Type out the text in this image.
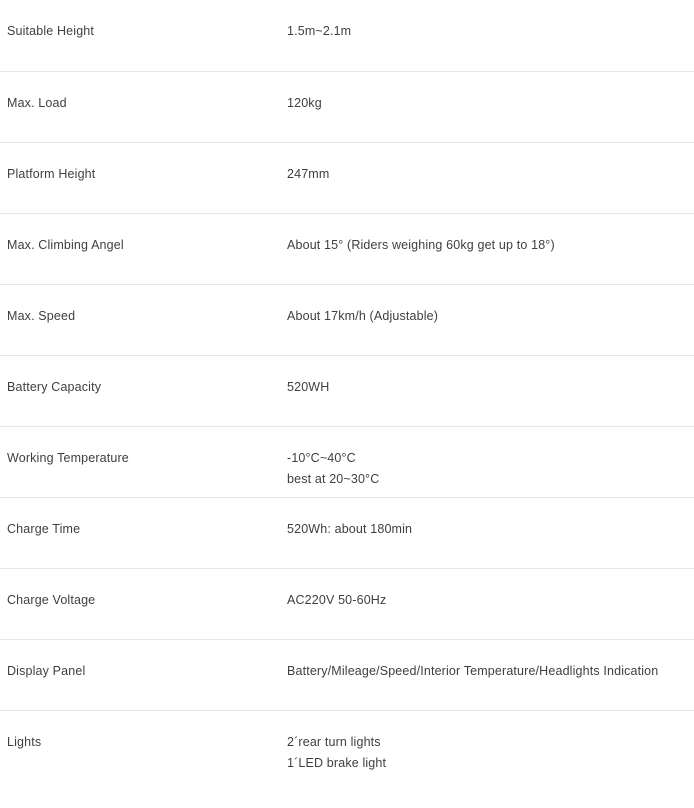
Suitable Height	1.5m~2.1m

Max. Load	120kg

Platform Height	247mm

Max. Climbing Angel	About 15° (Riders weighing 60kg get up to 18°)

Max. Speed	About 17km/h (Adjustable)

Battery Capacity	520WH

Working Temperature	-10°C~40°C
best at 20~30°C

Charge Time	520Wh: about 180min

Charge Voltage	AC220V 50-60Hz

Display Panel	Battery/Mileage/Speed/Interior Temperature/Headlights Indication

Lights	2´rear turn lights
1´LED brake light
